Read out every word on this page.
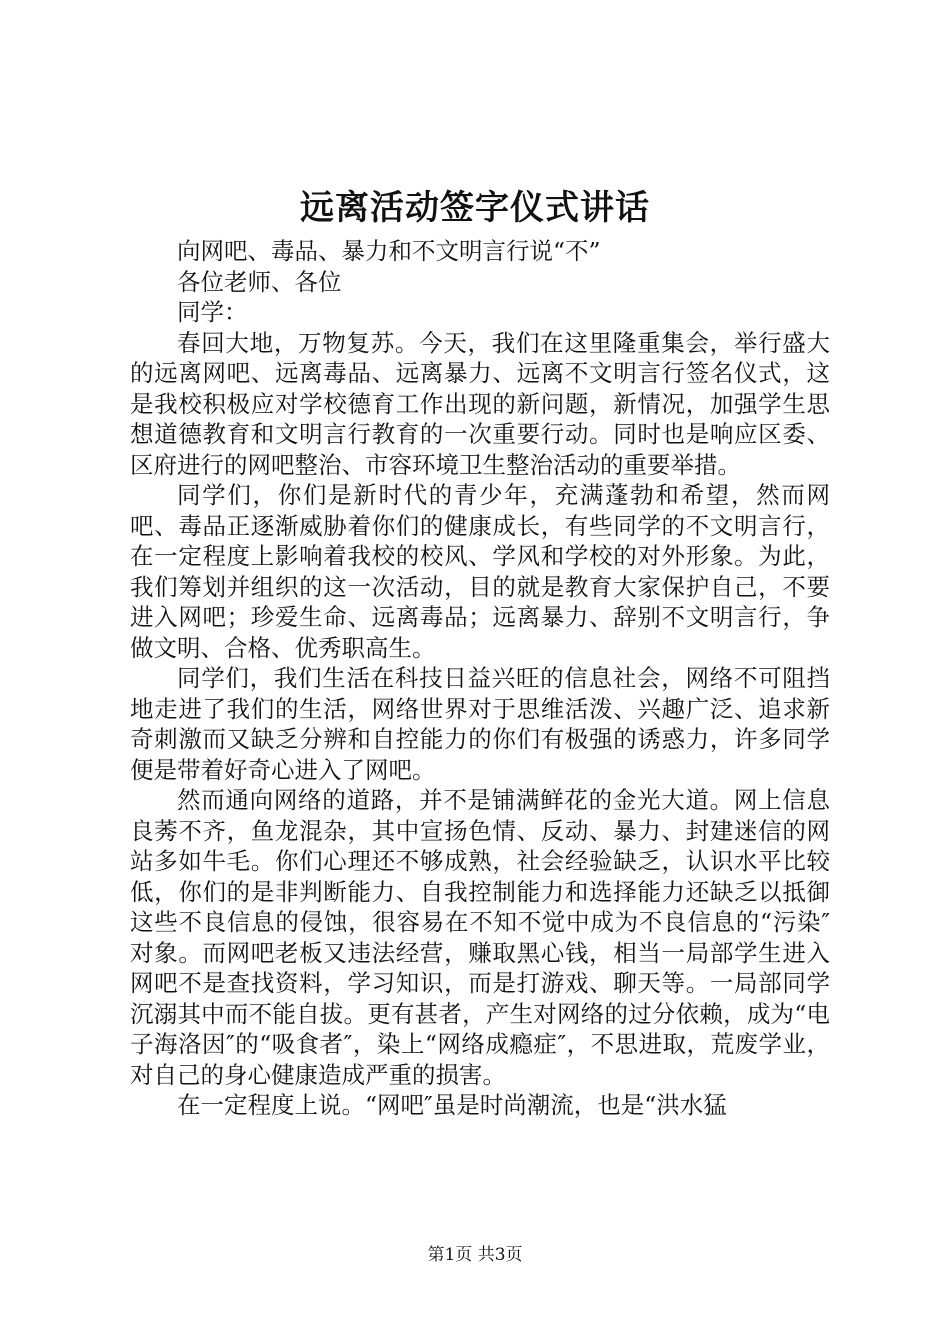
远离活动签字仪式讲话

向网吧、毒品、暴力和不文明言行说“不”

各位老师、各位

同学：

春回大地，万物复苏。今天，我们在这里隆重集会，举行盛大的远离网吧、远离毒品、远离暴力、远离不文明言行签名仪式，这是我校积极应对学校德育工作出现的新问题，新情况，加强学生思想道德教育和文明言行教育的一次重要行动。同时也是响应区委、区府进行的网吧整治、市容环境卫生整治活动的重要举措。

同学们，你们是新时代的青少年，充满蓬勃和希望，然而网吧、毒品正逐渐威胁着你们的健康成长，有些同学的不文明言行，在一定程度上影响着我校的校风、学风和学校的对外形象。为此，我们筹划并组织的这一次活动，目的就是教育大家保护自己，不要进入网吧；珍爱生命、远离毒品；远离暴力、辞别不文明言行，争做文明、合格、优秀职高生。

同学们，我们生活在科技日益兴旺的信息社会，网络不可阻挡地走进了我们的生活，网络世界对于思维活泼、兴趣广泛、追求新奇刺激而又缺乏分辨和自控能力的你们有极强的诱惑力，许多同学便是带着好奇心进入了网吧。

然而通向网络的道路，并不是铺满鲜花的金光大道。网上信息良莠不齐，鱼龙混杂，其中宣扬色情、反动、暴力、封建迷信的网站多如牛毛。你们心理还不够成熟，社会经验缺乏，认识水平比较低，你们的是非判断能力、自我控制能力和选择能力还缺乏以抵御这些不良信息的侵蚀，很容易在不知不觉中成为不良信息的“污染″对象。而网吧老板又违法经营，赚取黑心钱，相当一局部学生进入网吧不是查找资料，学习知识，而是打游戏、聊天等。一局部同学沉溺其中而不能自拔。更有甚者，产生对网络的过分依赖，成为“电子海洛因″的“吸食者″，染上“网络成瘾症″，不思进取，荒废学业，对自己的身心健康造成严重的损害。

在一定程度上说。“网吧″虽是时尚潮流，也是“洪水猛

第1页 共3页
